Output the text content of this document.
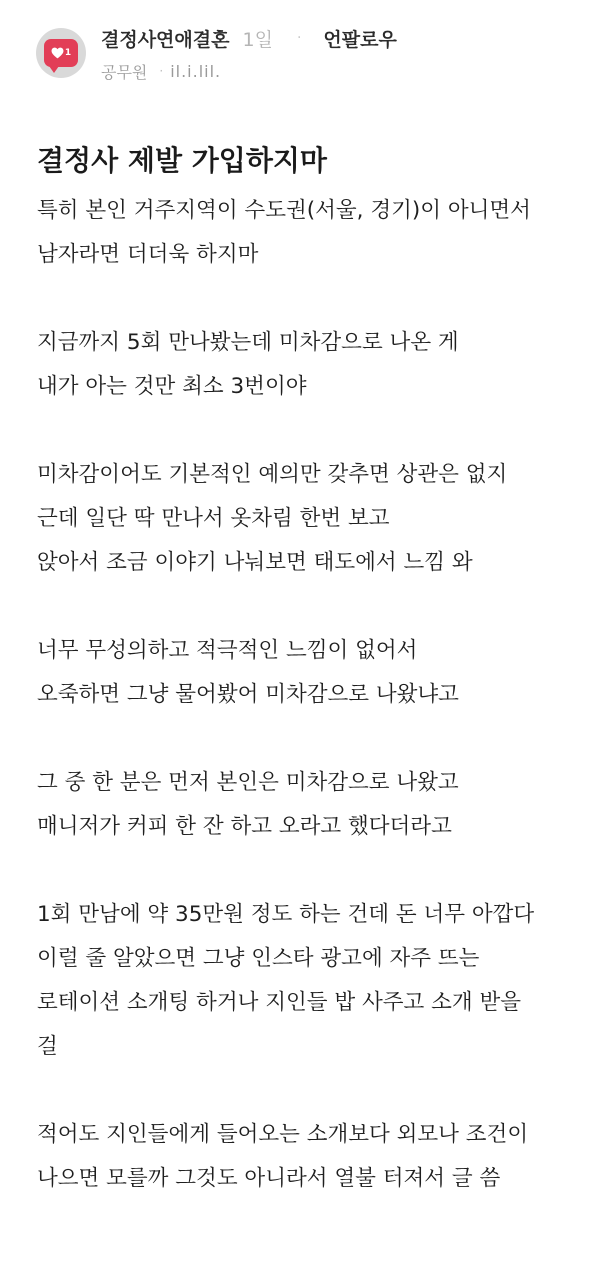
1
결정사연애결혼 1일 · 언팔로우
공무원 · il.i.lil.
결정사 제발 가입하지마
특히 본인 거주지역이 수도권(서울, 경기)이 아니면서
남자라면 더더욱 하지마
지금까지 5회 만나봤는데 미차감으로 나온 게
내가 아는 것만 최소 3번이야
미차감이어도 기본적인 예의만 갖추면 상관은 없지
근데 일단 딱 만나서 옷차림 한번 보고
앉아서 조금 이야기 나눠보면 태도에서 느낌 와
너무 무성의하고 적극적인 느낌이 없어서
오죽하면 그냥 물어봤어 미차감으로 나왔냐고
그 중 한 분은 먼저 본인은 미차감으로 나왔고
매니저가 커피 한 잔 하고 오라고 했다더라고
1회 만남에 약 35만원 정도 하는 건데 돈 너무 아깝다
이럴 줄 알았으면 그냥 인스타 광고에 자주 뜨는
로테이션 소개팅 하거나 지인들 밥 사주고 소개 받을
걸
적어도 지인들에게 들어오는 소개보다 외모나 조건이
나으면 모를까 그것도 아니라서 열불 터져서 글 씀
